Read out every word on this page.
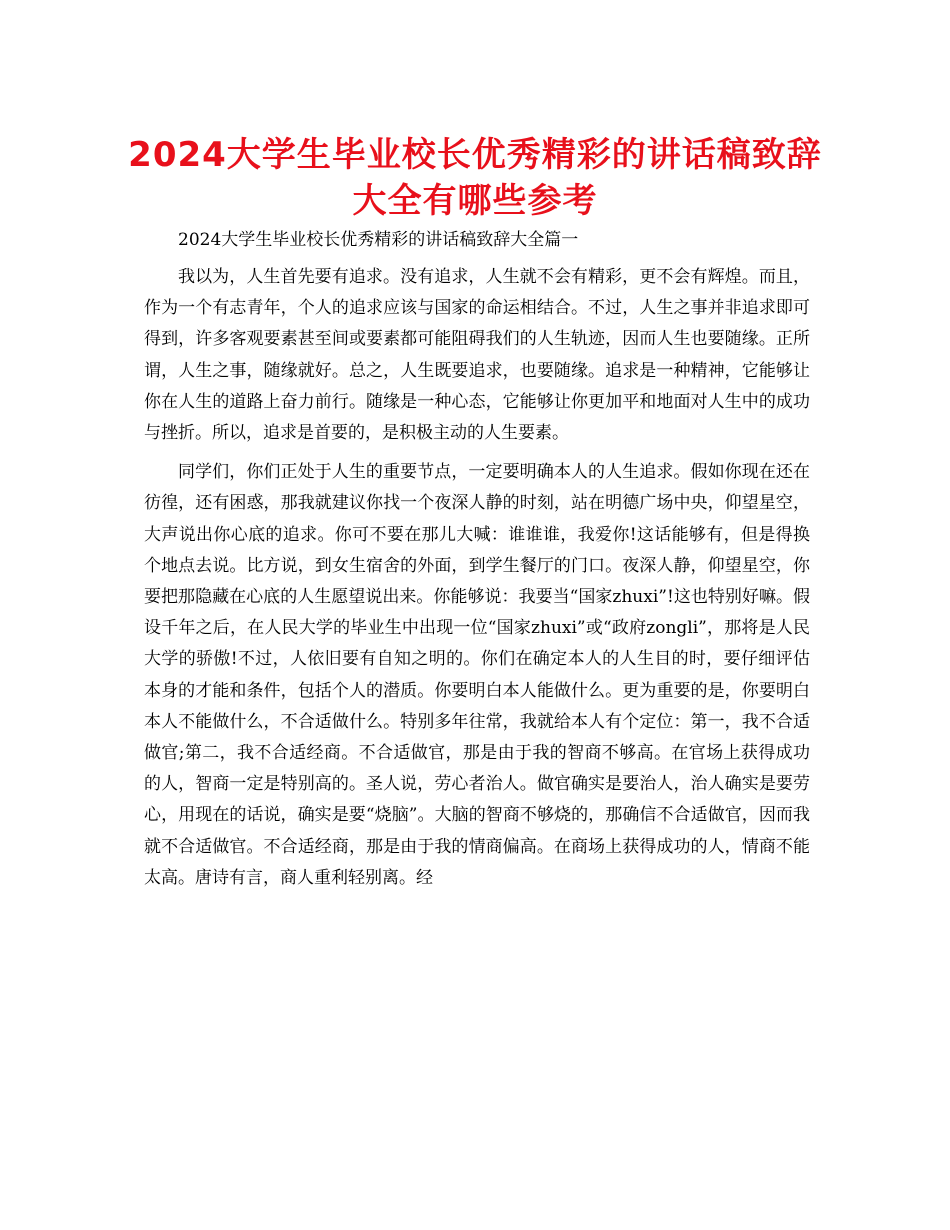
2024大学生毕业校长优秀精彩的讲话稿致辞大全有哪些参考

2024大学生毕业校长优秀精彩的讲话稿致辞大全篇一

我以为，人生首先要有追求。没有追求，人生就不会有精彩，更不会有辉煌。而且，作为一个有志青年，个人的追求应该与国家的命运相结合。不过，人生之事并非追求即可得到，许多客观要素甚至间或要素都可能阻碍我们的人生轨迹，因而人生也要随缘。正所谓，人生之事，随缘就好。总之，人生既要追求，也要随缘。追求是一种精神，它能够让你在人生的道路上奋力前行。随缘是一种心态，它能够让你更加平和地面对人生中的成功与挫折。所以，追求是首要的，是积极主动的人生要素。

同学们，你们正处于人生的重要节点，一定要明确本人的人生追求。假如你现在还在彷徨，还有困惑，那我就建议你找一个夜深人静的时刻，站在明德广场中央，仰望星空，大声说出你心底的追求。你可不要在那儿大喊：谁谁谁，我爱你!这话能够有，但是得换个地点去说。比方说，到女生宿舍的外面，到学生餐厅的门口。夜深人静，仰望星空，你要把那隐藏在心底的人生愿望说出来。你能够说：我要当“国家zhuxi”!这也特别好嘛。假设千年之后，在人民大学的毕业生中出现一位“国家zhuxi”或“政府zongli”，那将是人民大学的骄傲!不过，人依旧要有自知之明的。你们在确定本人的人生目的时，要仔细评估本身的才能和条件，包括个人的潜质。你要明白本人能做什么。更为重要的是，你要明白本人不能做什么，不合适做什么。特别多年往常，我就给本人有个定位：第一，我不合适做官;第二，我不合适经商。不合适做官，那是由于我的智商不够高。在官场上获得成功的人，智商一定是特别高的。圣人说，劳心者治人。做官确实是要治人，治人确实是要劳心，用现在的话说，确实是要“烧脑”。大脑的智商不够烧的，那确信不合适做官，因而我就不合适做官。不合适经商，那是由于我的情商偏高。在商场上获得成功的人，情商不能太高。唐诗有言，商人重利轻别离。经
